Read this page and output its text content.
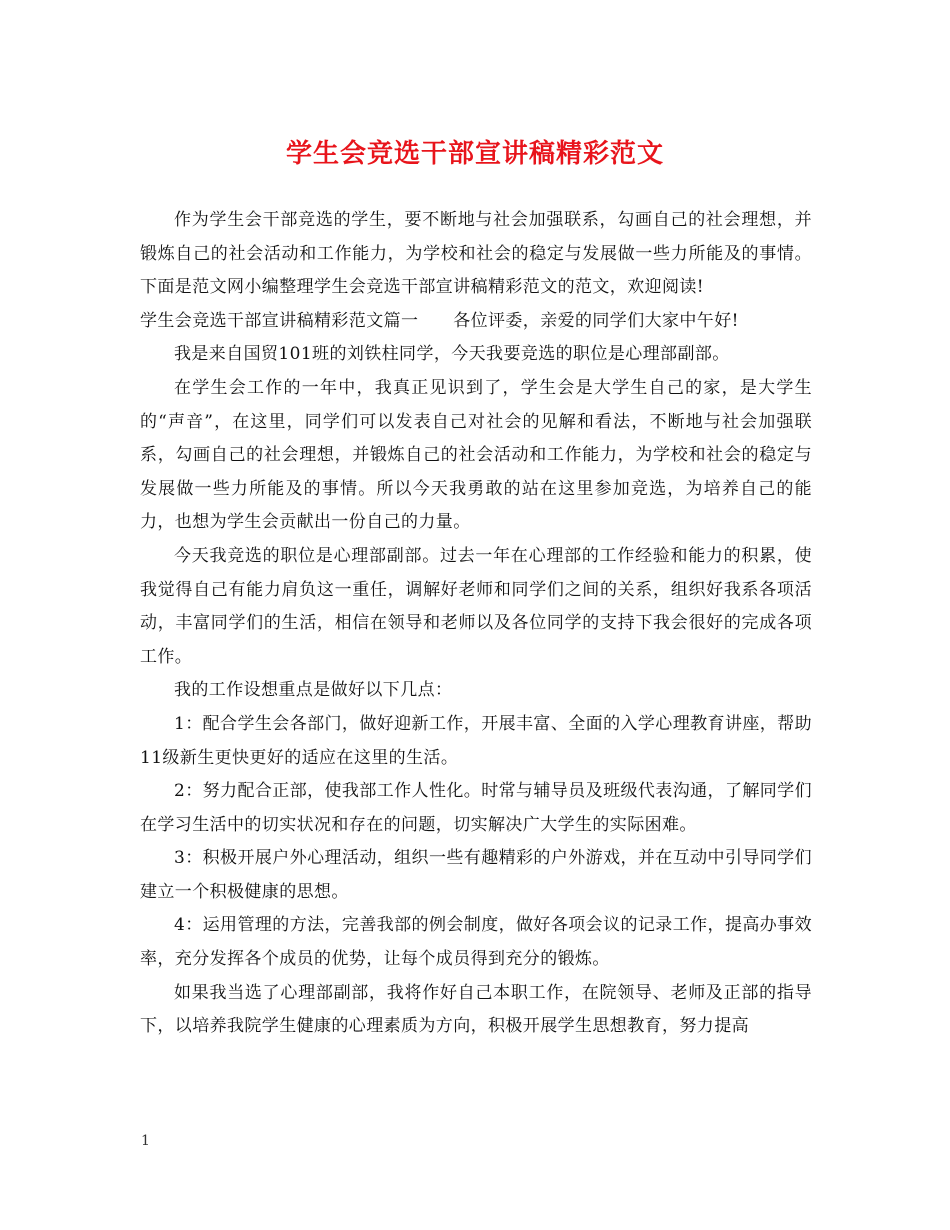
学生会竞选干部宣讲稿精彩范文

作为学生会干部竞选的学生，要不断地与社会加强联系，勾画自己的社会理想，并锻炼自己的社会活动和工作能力，为学校和社会的稳定与发展做一些力所能及的事情。下面是范文网小编整理学生会竞选干部宣讲稿精彩范文的范文，欢迎阅读!

学生会竞选干部宣讲稿精彩范文篇一　　各位评委，亲爱的同学们大家中午好!

我是来自国贸101班的刘铁柱同学，今天我要竞选的职位是心理部副部。

在学生会工作的一年中，我真正见识到了，学生会是大学生自己的家，是大学生的“声音”，在这里，同学们可以发表自己对社会的见解和看法，不断地与社会加强联系，勾画自己的社会理想，并锻炼自己的社会活动和工作能力，为学校和社会的稳定与发展做一些力所能及的事情。所以今天我勇敢的站在这里参加竞选，为培养自己的能力，也想为学生会贡献出一份自己的力量。

今天我竞选的职位是心理部副部。过去一年在心理部的工作经验和能力的积累，使我觉得自己有能力肩负这一重任，调解好老师和同学们之间的关系，组织好我系各项活动，丰富同学们的生活，相信在领导和老师以及各位同学的支持下我会很好的完成各项工作。

我的工作设想重点是做好以下几点：

1：配合学生会各部门，做好迎新工作，开展丰富、全面的入学心理教育讲座，帮助11级新生更快更好的适应在这里的生活。

2：努力配合正部，使我部工作人性化。时常与辅导员及班级代表沟通，了解同学们在学习生活中的切实状况和存在的问题，切实解决广大学生的实际困难。

3：积极开展户外心理活动，组织一些有趣精彩的户外游戏，并在互动中引导同学们建立一个积极健康的思想。

4：运用管理的方法，完善我部的例会制度，做好各项会议的记录工作，提高办事效率，充分发挥各个成员的优势，让每个成员得到充分的锻炼。

如果我当选了心理部副部，我将作好自己本职工作，在院领导、老师及正部的指导下，以培养我院学生健康的心理素质为方向，积极开展学生思想教育，努力提高

1
